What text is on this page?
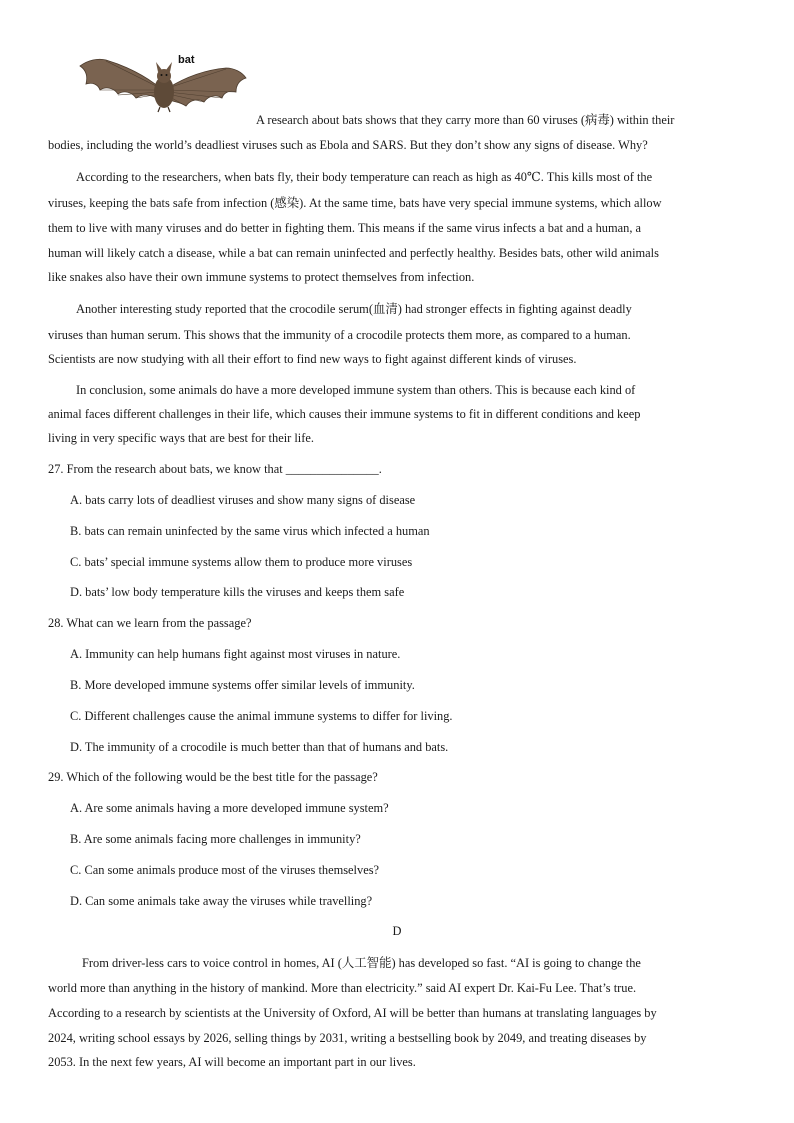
bat
A research about bats shows that they carry more than 60 viruses (病毒) within their
bodies, including the world’s deadliest viruses such as Ebola and SARS. But they don’t show any signs of disease. Why?
According to the researchers, when bats fly, their body temperature can reach as high as 40℃. This kills most of the
viruses, keeping the bats safe from infection (感染). At the same time, bats have very special immune systems, which allow
them to live with many viruses and do better in fighting them. This means if the same virus infects a bat and a human, a
human will likely catch a disease, while a bat can remain uninfected and perfectly healthy. Besides bats, other wild animals
like snakes also have their own immune systems to protect themselves from infection.
Another interesting study reported that the crocodile serum(血清) had stronger effects in fighting against deadly
viruses than human serum. This shows that the immunity of a crocodile protects them more, as compared to a human.
Scientists are now studying with all their effort to find new ways to fight against different kinds of viruses.
In conclusion, some animals do have a more developed immune system than others. This is because each kind of
animal faces different challenges in their life, which causes their immune systems to fit in different conditions and keep
living in very specific ways that are best for their life.
27. From the research about bats, we know that _______________.
A. bats carry lots of deadliest viruses and show many signs of disease
B. bats can remain uninfected by the same virus which infected a human
C. bats’ special immune systems allow them to produce more viruses
D. bats’ low body temperature kills the viruses and keeps them safe
28. What can we learn from the passage?
A. Immunity can help humans fight against most viruses in nature.
B. More developed immune systems offer similar levels of immunity.
C. Different challenges cause the animal immune systems to differ for living.
D. The immunity of a crocodile is much better than that of humans and bats.
29. Which of the following would be the best title for the passage?
A. Are some animals having a more developed immune system?
B. Are some animals facing more challenges in immunity?
C. Can some animals produce most of the viruses themselves?
D. Can some animals take away the viruses while travelling?
D
From driver-less cars to voice control in homes, AI (人工智能) has developed so fast. “AI is going to change the
world more than anything in the history of mankind. More than electricity.” said AI expert Dr. Kai-Fu Lee. That’s true.
According to a research by scientists at the University of Oxford, AI will be better than humans at translating languages by
2024, writing school essays by 2026, selling things by 2031, writing a bestselling book by 2049, and treating diseases by
2053. In the next few years, AI will become an important part in our lives.
